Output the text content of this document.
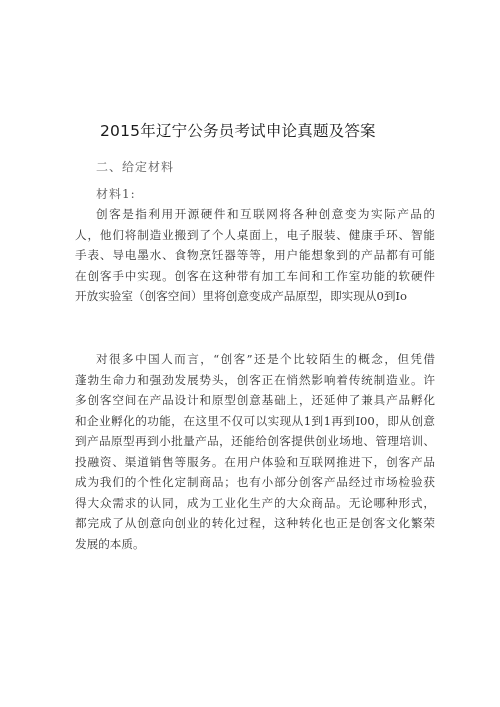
2015年辽宁公务员考试申论真题及答案
二、给定材料
材料1:
创客是指利用开源硬件和互联网将各种创意变为实际产品的
人，他们将制造业搬到了个人桌面上，电子服装、健康手环、智能
手表、导电墨水、食物烹饪器等等，用户能想象到的产品都有可能
在创客手中实现。创客在这种带有加工车间和工作室功能的软硬件
开放实验室（创客空间）里将创意变成产品原型，即实现从0到Io
对很多中国人而言，“创客”还是个比较陌生的概念，但凭借
蓬勃生命力和强劲发展势头，创客正在悄然影响着传统制造业。许
多创客空间在产品设计和原型创意基础上，还延伸了兼具产品孵化
和企业孵化的功能，在这里不仅可以实现从1到1再到I00，即从创意
到产品原型再到小批量产品，还能给创客提供创业场地、管理培训、
投融资、渠道销售等服务。在用户体验和互联网推进下，创客产品
成为我们的个性化定制商品；也有小部分创客产品经过市场检验获
得大众需求的认同，成为工业化生产的大众商品。无论哪种形式，
都完成了从创意向创业的转化过程，这种转化也正是创客文化繁荣
发展的本质。
